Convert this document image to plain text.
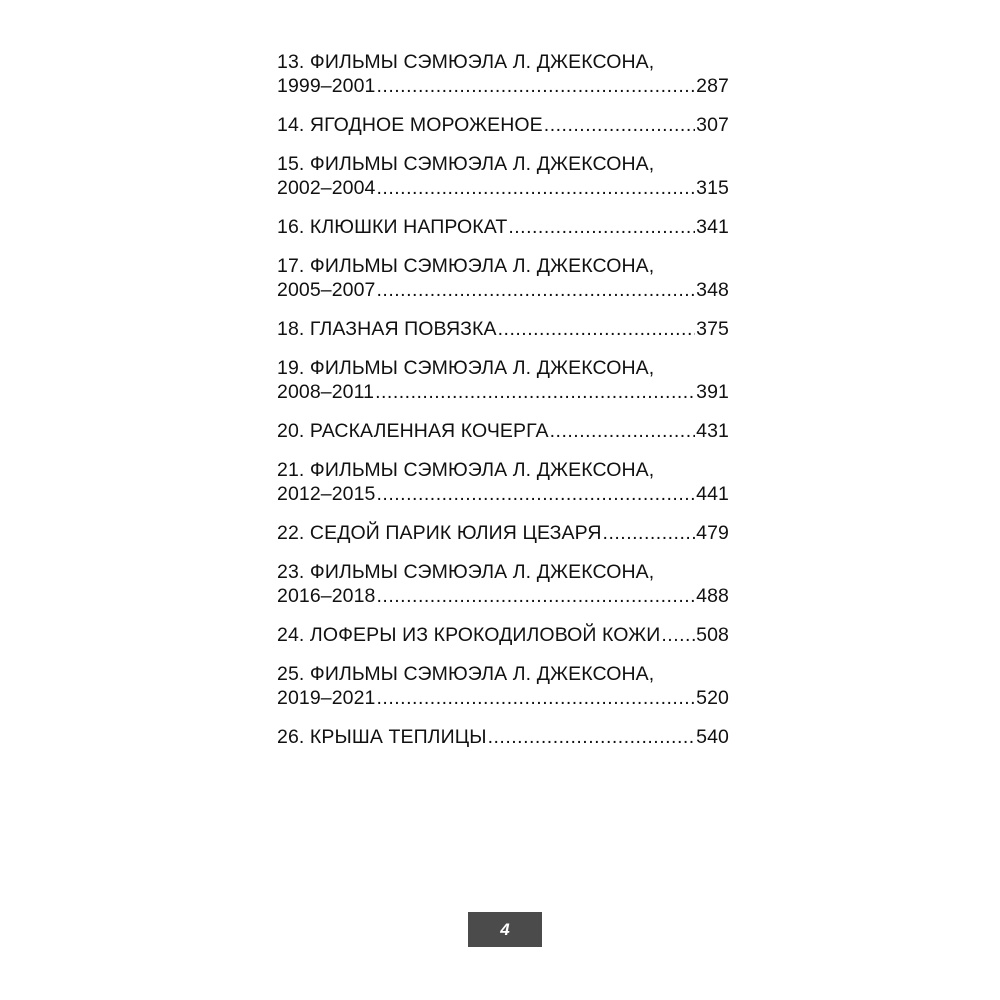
13. ФИЛЬМЫ СЭМЮЭЛА Л. ДЖЕКСОНА,
1999–2001 .....	287
14. ЯГОДНОЕ МОРОЖЕНОЕ .....	307
15. ФИЛЬМЫ СЭМЮЭЛА Л. ДЖЕКСОНА,
2002–2004 .....	315
16. КЛЮШКИ НАПРОКАТ .....	341
17. ФИЛЬМЫ СЭМЮЭЛА Л. ДЖЕКСОНА,
2005–2007 .....	348
18. ГЛАЗНАЯ ПОВЯЗКА .....	375
19. ФИЛЬМЫ СЭМЮЭЛА Л. ДЖЕКСОНА,
2008–2011 .....	391
20. РАСКАЛЕННАЯ КОЧЕРГА .....	431
21. ФИЛЬМЫ СЭМЮЭЛА Л. ДЖЕКСОНА,
2012–2015 .....	441
22. СЕДОЙ ПАРИК ЮЛИЯ ЦЕЗАРЯ .....	479
23. ФИЛЬМЫ СЭМЮЭЛА Л. ДЖЕКСОНА,
2016–2018 .....	488
24. ЛОФЕРЫ ИЗ КРОКОДИЛОВОЙ КОЖИ ..... 508
25. ФИЛЬМЫ СЭМЮЭЛА Л. ДЖЕКСОНА,
2019–2021 .....	520
26. КРЫША ТЕПЛИЦЫ .....	540
4
